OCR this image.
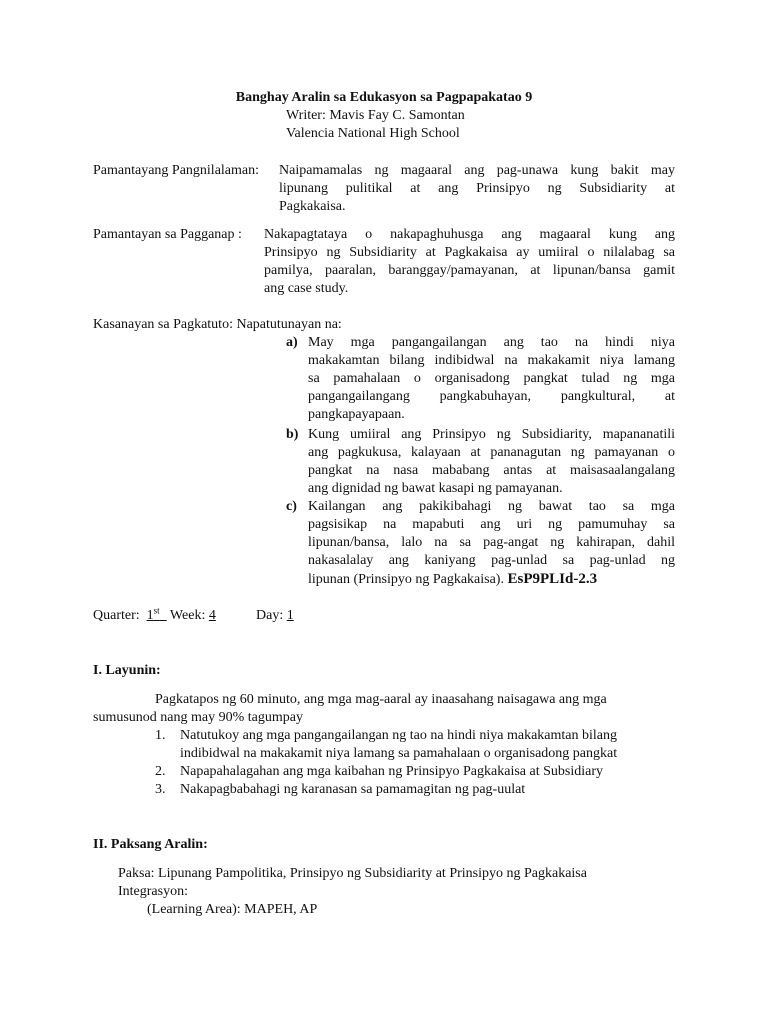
Banghay Aralin sa Edukasyon sa Pagpapakatao 9
Writer: Mavis Fay C. Samontan
Valencia National High School
Pamantayang Pangnilalaman: Naipamamalas ng magaaral ang pag-unawa kung bakit may
lipunang pulitikal at ang Prinsipyo ng Subsidiarity at
Pagkakaisa.
Pamantayan sa Pagganap : Nakapagtataya o nakapaghuhusga ang magaaral kung ang
Prinsipyo ng Subsidiarity at Pagkakaisa ay umiiral o nilalabag sa
pamilya, paaralan, baranggay/pamayanan, at lipunan/bansa gamit
ang case study.
Kasanayan sa Pagkatuto: Napatutunayan na:
a) May mga pangangailangan ang tao na hindi niya
makakamtan bilang indibidwal na makakamit niya lamang
sa pamahalaan o organisadong pangkat tulad ng mga
pangangailangang pangkabuhayan, pangkultural, at
pangkapayapaan.
b) Kung umiiral ang Prinsipyo ng Subsidiarity, mapananatili
ang pagkukusa, kalayaan at pananagutan ng pamayanan o
pangkat na nasa mababang antas at maisasaalangalang
ang dignidad ng bawat kasapi ng pamayanan.
c) Kailangan ang pakikibahagi ng bawat tao sa mga
pagsisikap na mapabuti ang uri ng pamumuhay sa
lipunan/bansa, lalo na sa pag-angat ng kahirapan, dahil
nakasalalay ang kaniyang pag-unlad sa pag-unlad ng
lipunan (Prinsipyo ng Pagkakaisa). EsP9PLId-2.3
Quarter: 1st Week: 4	Day: 1
I. Layunin:
Pagkatapos ng 60 minuto, ang mga mag-aaral ay inaasahang naisagawa ang mga
sumusunod nang may 90% tagumpay
1. Natutukoy ang mga pangangailangan ng tao na hindi niya makakamtan bilang
indibidwal na makakamit niya lamang sa pamahalaan o organisadong pangkat
2. Napapahalagahan ang mga kaibahan ng Prinsipyo Pagkakaisa at Subsidiary
3. Nakapagbabahagi ng karanasan sa pamamagitan ng pag-uulat
II. Paksang Aralin:
Paksa: Lipunang Pampolitika, Prinsipyo ng Subsidiarity at Prinsipyo ng Pagkakaisa
Integrasyon:
(Learning Area): MAPEH, AP
